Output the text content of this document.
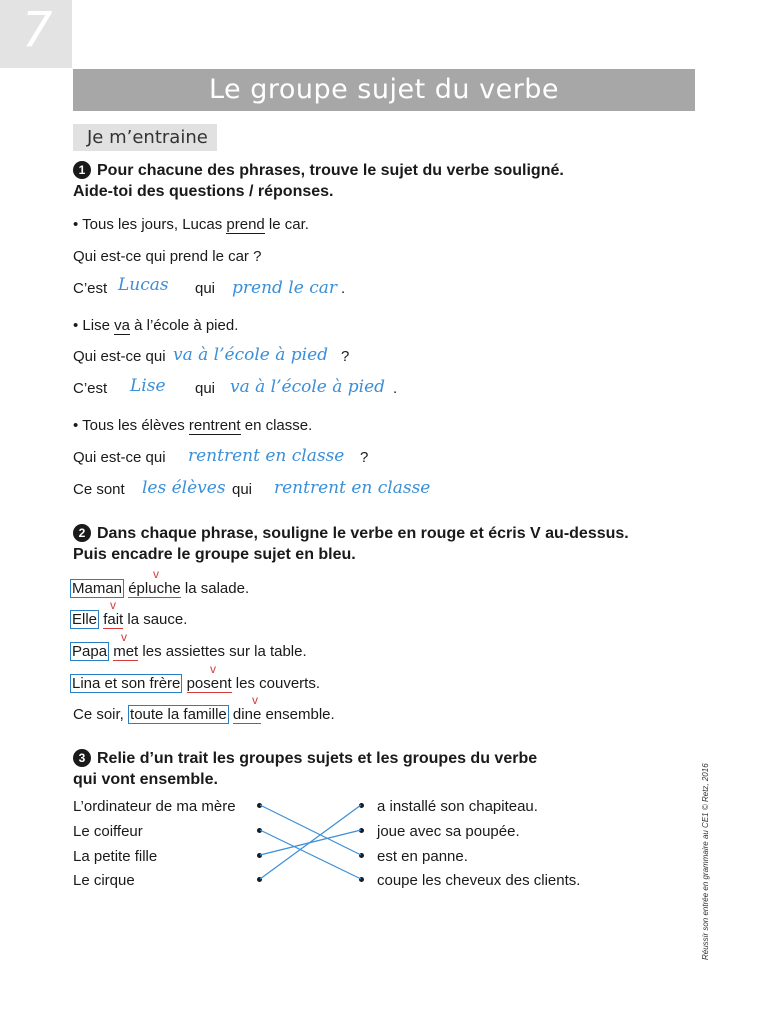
7
Le groupe sujet du verbe
Je m’entraine
1 Pour chacune des phrases, trouve le sujet du verbe souligné.
Aide-toi des questions / réponses.
• Tous les jours, Lucas prend le car.
Qui est-ce qui prend le car ?
C’est Lucas qui prend le car .
• Lise va à l’école à pied.
Qui est-ce qui va à l’école à pied ?
C’est Lise qui va à l’école à pied .
• Tous les élèves rentrent en classe.
Qui est-ce qui rentrent en classe ?
Ce sont les élèves qui rentrent en classe
2 Dans chaque phrase, souligne le verbe en rouge et écris V au-dessus.
Puis encadre le groupe sujet en bleu.
Maman épluche la salade.
v
Elle fait la sauce.
v
Papa met les assiettes sur la table.
v
Lina et son frère posent les couverts.
v
Ce soir, toute la famille dine ensemble.
v
3 Relie d’un trait les groupes sujets et les groupes du verbe
qui vont ensemble.
L’ordinateur de ma mère
Le coiffeur
La petite fille
Le cirque
a installé son chapiteau.
joue avec sa poupée.
est en panne.
coupe les cheveux des clients.	Réussir son entrée en grammaire au CE1 © Retz, 2016
